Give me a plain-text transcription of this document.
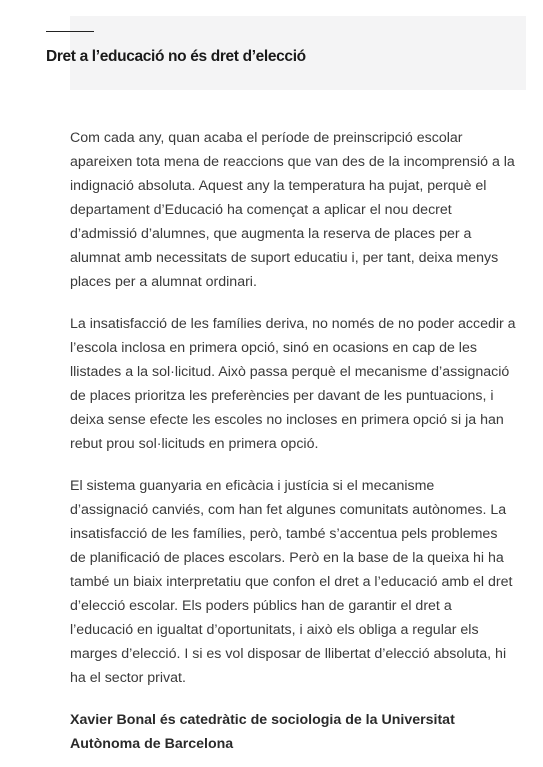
Dret a l’educació no és dret d’elecció

Com cada any, quan acaba el període de preinscripció escolar apareixen tota mena de reaccions que van des de la incomprensió a la indignació absoluta. Aquest any la temperatura ha pujat, perquè el departament d’Educació ha començat a aplicar el nou decret d’admissió d’alumnes, que augmenta la reserva de places per a alumnat amb necessitats de suport educatiu i, per tant, deixa menys places per a alumnat ordinari.

La insatisfacció de les famílies deriva, no només de no poder accedir a l’escola inclosa en primera opció, sinó en ocasions en cap de les llistades a la sol·licitud. Això passa perquè el mecanisme d’assignació de places prioritza les preferències per davant de les puntuacions, i deixa sense efecte les escoles no incloses en primera opció si ja han rebut prou sol·licituds en primera opció.

El sistema guanyaria en eficàcia i justícia si el mecanisme d’assignació canviés, com han fet algunes comunitats autònomes. La insatisfacció de les famílies, però, també s’accentua pels problemes de planificació de places escolars. Però en la base de la queixa hi ha també un biaix interpretatiu que confon el dret a l’educació amb el dret d’elecció escolar. Els poders públics han de garantir el dret a l’educació en igualtat d’oportunitats, i això els obliga a regular els marges d’elecció. I si es vol disposar de llibertat d’elecció absoluta, hi ha el sector privat.

Xavier Bonal és catedràtic de sociologia de la Universitat Autònoma de Barcelona
